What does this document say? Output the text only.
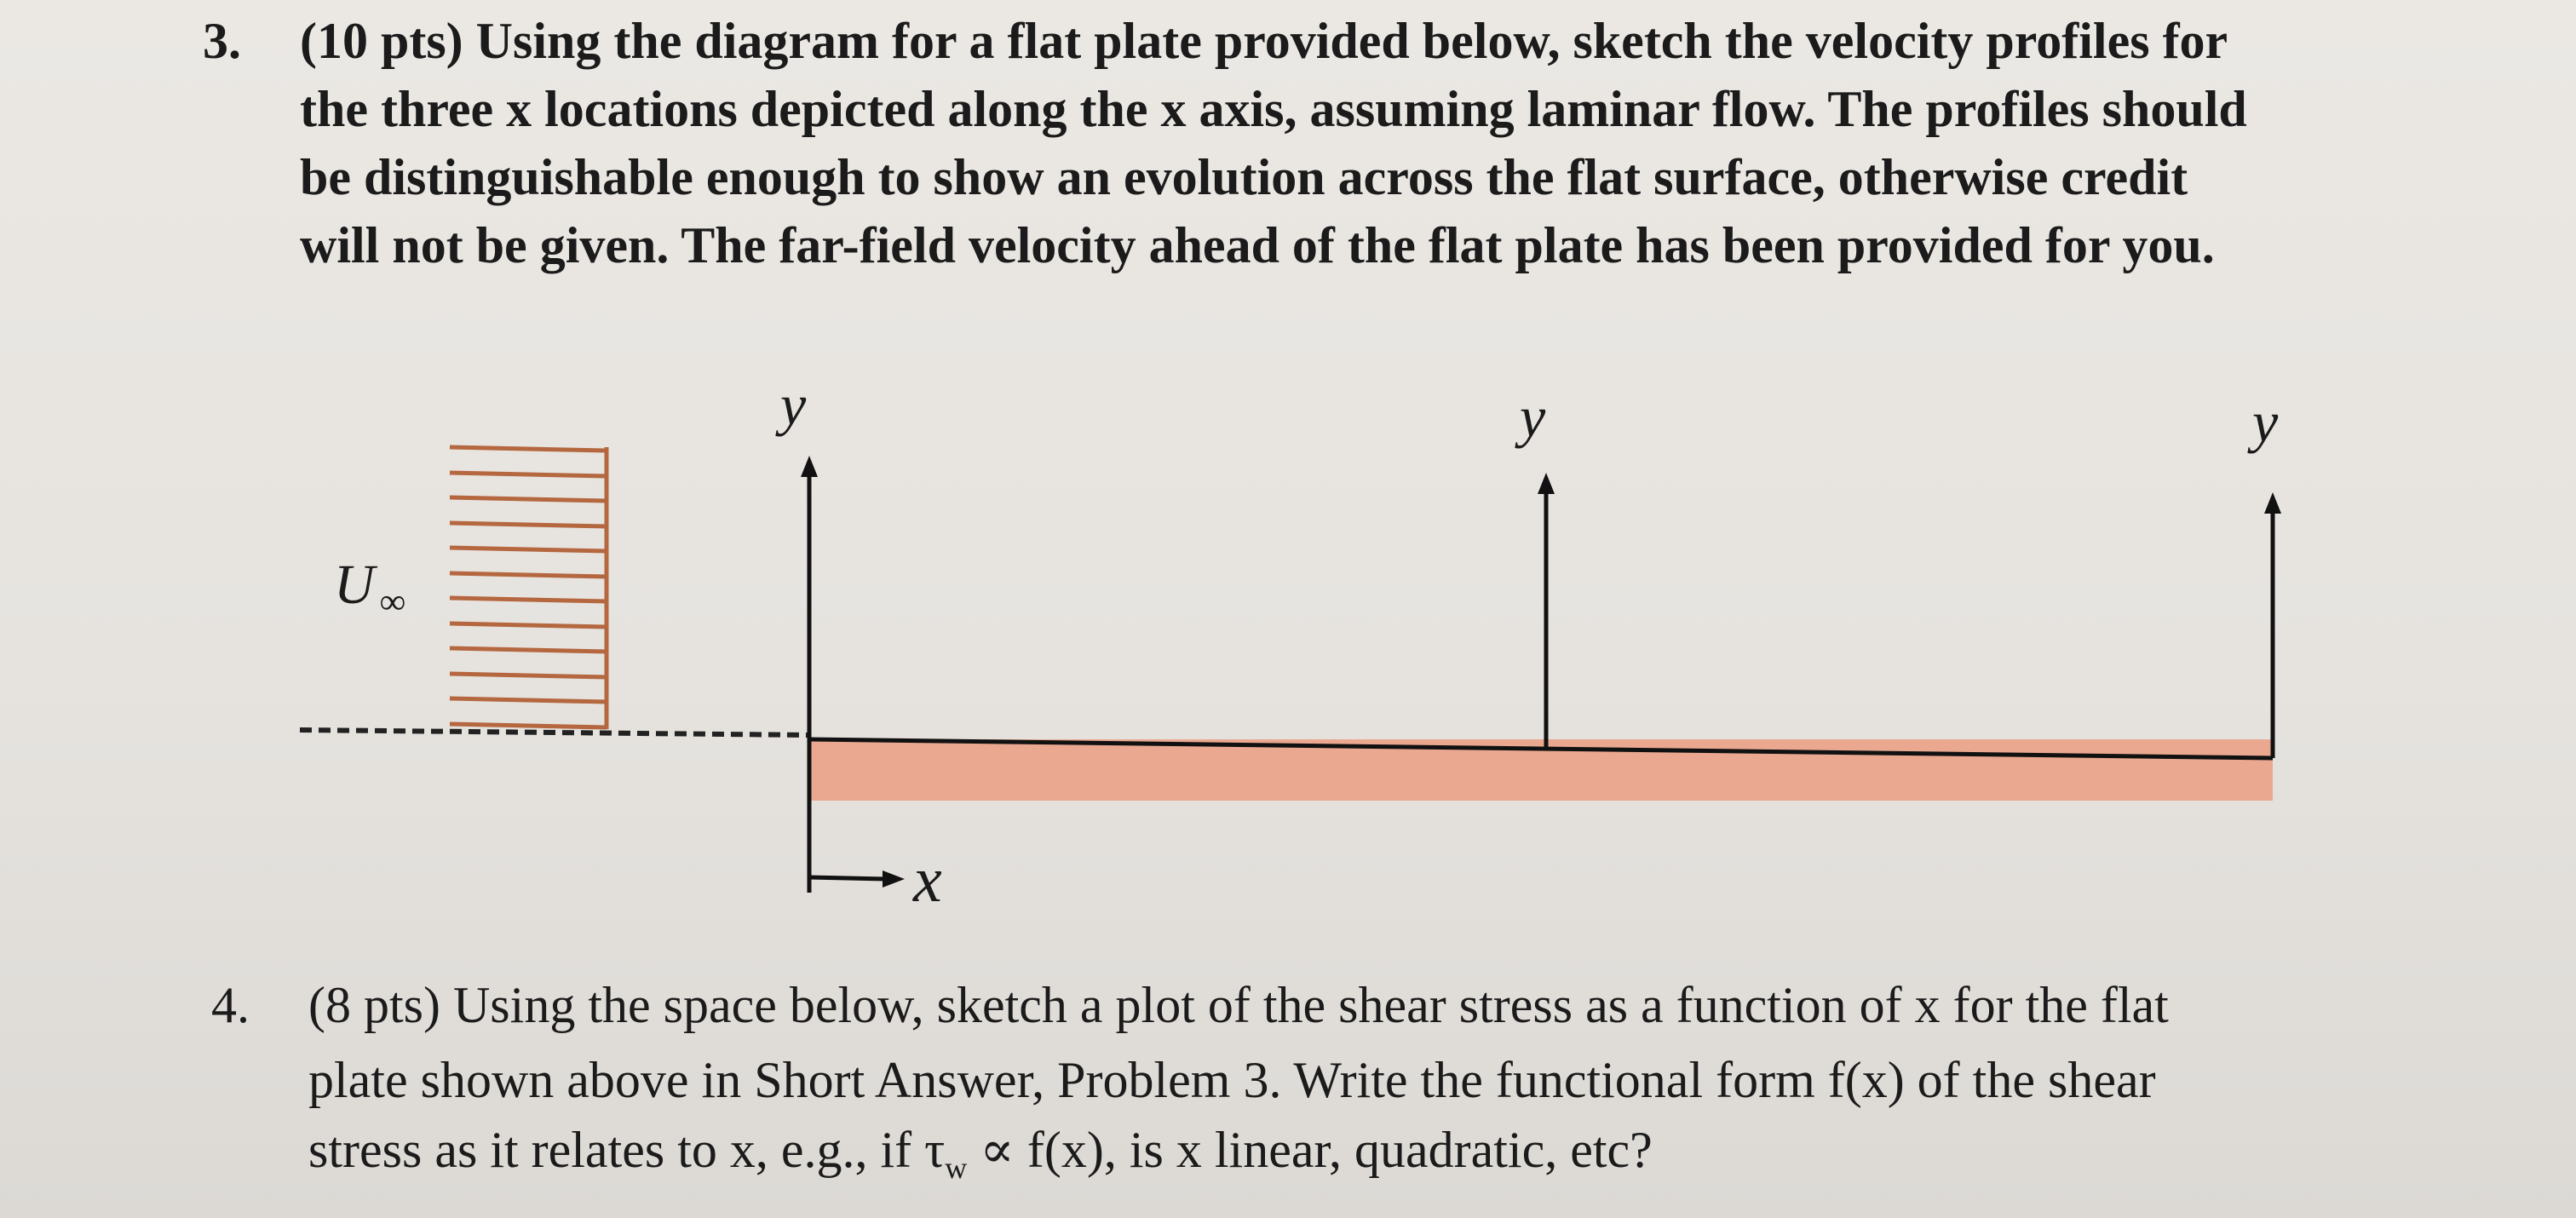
3. (10 pts) Using the diagram for a flat plate provided below, sketch the velocity profiles for
the three x locations depicted along the x axis, assuming laminar flow. The profiles should
be distinguishable enough to show an evolution across the flat surface, otherwise credit
will not be given. The far-field velocity ahead of the flat plate has been provided for you.
U ∞
y	y	y
x
4. (8 pts) Using the space below, sketch a plot of the shear stress as a function of x for the flat
plate shown above in Short Answer, Problem 3. Write the functional form f(x) of the shear
stress as it relates to x, e.g., if $\tau_w \propto f(x)$, is x linear, quadratic, etc?
